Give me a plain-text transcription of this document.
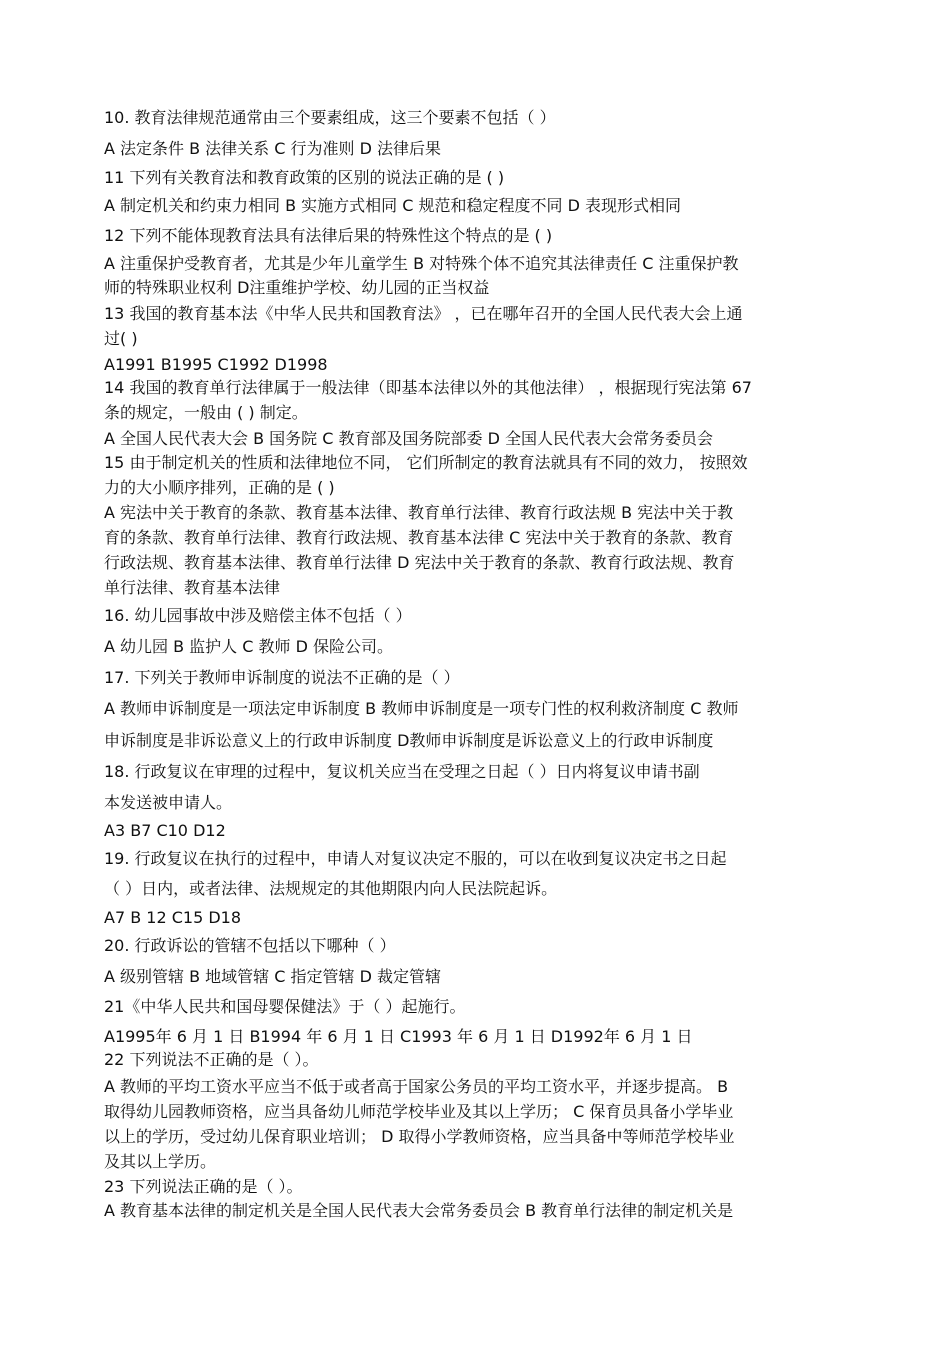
10. 教育法律规范通常由三个要素组成，这三个要素不包括（ ）
A 法定条件 B 法律关系 C 行为准则 D 法律后果
11 下列有关教育法和教育政策的区别的说法正确的是 ( )
A 制定机关和约束力相同 B 实施方式相同 C 规范和稳定程度不同 D 表现形式相同
12 下列不能体现教育法具有法律后果的特殊性这个特点的是 ( )
A 注重保护受教育者，尤其是少年儿童学生 B 对特殊个体不追究其法律责任 C 注重保护教
师的特殊职业权利 D注重维护学校、幼儿园的正当权益
13 我国的教育基本法《中华人民共和国教育法》 ，已在哪年召开的全国人民代表大会上通
过( )
A1991 B1995 C1992 D1998
14 我国的教育单行法律属于一般法律（即基本法律以外的其他法律） ，根据现行宪法第 67
条的规定，一般由 ( ) 制定。
A 全国人民代表大会 B 国务院 C 教育部及国务院部委 D 全国人民代表大会常务委员会
15 由于制定机关的性质和法律地位不同， 它们所制定的教育法就具有不同的效力， 按照效
力的大小顺序排列，正确的是 ( )
A 宪法中关于教育的条款、教育基本法律、教育单行法律、教育行政法规 B 宪法中关于教
育的条款、教育单行法律、教育行政法规、教育基本法律 C 宪法中关于教育的条款、教育
行政法规、教育基本法律、教育单行法律 D 宪法中关于教育的条款、教育行政法规、教育
单行法律、教育基本法律
16. 幼儿园事故中涉及赔偿主体不包括（ ）
A 幼儿园 B 监护人 C 教师 D 保险公司。
17. 下列关于教师申诉制度的说法不正确的是（ ）
A 教师申诉制度是一项法定申诉制度 B 教师申诉制度是一项专门性的权利救济制度 C 教师
申诉制度是非诉讼意义上的行政申诉制度 D教师申诉制度是诉讼意义上的行政申诉制度
18. 行政复议在审理的过程中，复议机关应当在受理之日起（ ）日内将复议申请书副
本发送被申请人。
A3 B7 C10 D12
19. 行政复议在执行的过程中，申请人对复议决定不服的，可以在收到复议决定书之日起
（ ）日内，或者法律、法规规定的其他期限内向人民法院起诉。
A7 B 12 C15 D18
20. 行政诉讼的管辖不包括以下哪种（ ）
A 级别管辖 B 地域管辖 C 指定管辖 D 裁定管辖
21《中华人民共和国母婴保健法》于（ ）起施行。
A1995年 6 月 1 日 B1994 年 6 月 1 日 C1993 年 6 月 1 日 D1992年 6 月 1 日
22 下列说法不正确的是（ ）。
A 教师的平均工资水平应当不低于或者高于国家公务员的平均工资水平，并逐步提高。 B
取得幼儿园教师资格，应当具备幼儿师范学校毕业及其以上学历； C 保育员具备小学毕业
以上的学历，受过幼儿保育职业培训； D 取得小学教师资格，应当具备中等师范学校毕业
及其以上学历。
23 下列说法正确的是（ ）。
A 教育基本法律的制定机关是全国人民代表大会常务委员会 B 教育单行法律的制定机关是
